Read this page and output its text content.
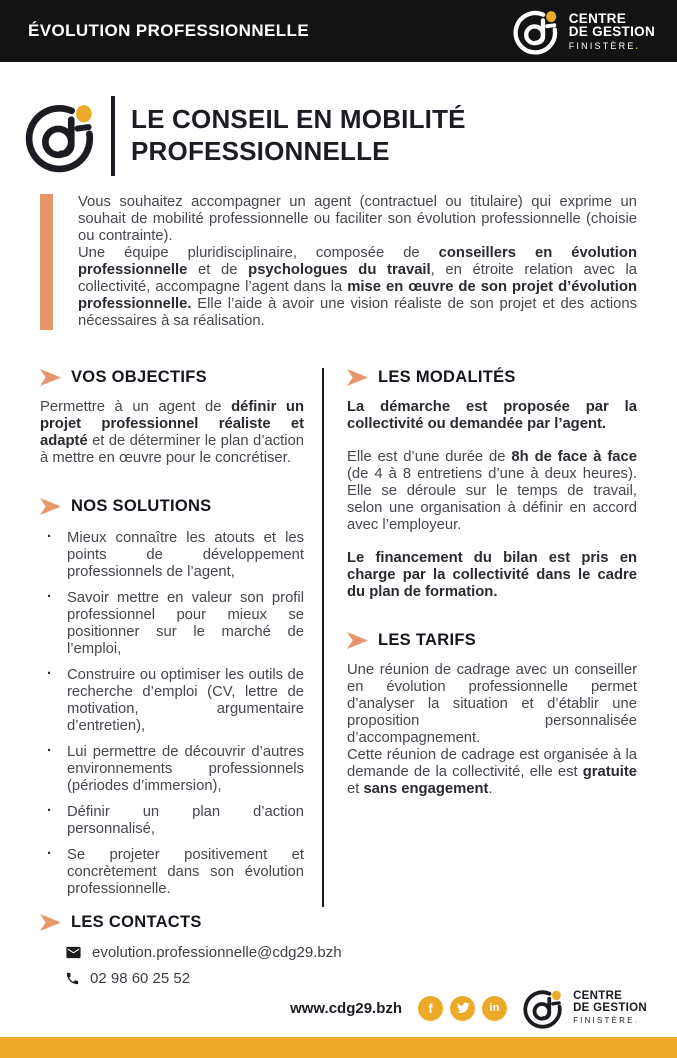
ÉVOLUTION PROFESSIONNELLE
CENTRE
DE GESTION
FINISTÈRE.
LE CONSEIL EN MOBILITÉ
PROFESSIONNELLE

Vous souhaitez accompagner un agent (contractuel ou titulaire) qui exprime un souhait de mobilité professionnelle ou faciliter son évolution professionnelle (choisie ou contrainte).

Une équipe pluridisciplinaire, composée de conseillers en évolution professionnelle et de psychologues du travail, en étroite relation avec la collectivité, accompagne l’agent dans la mise en œuvre de son projet d’évolution professionnelle. Elle l’aide à avoir une vision réaliste de son projet et des actions nécessaires à sa réalisation.

VOS OBJECTIFS

Permettre à un agent de définir un projet professionnel réaliste et adapté et de déterminer le plan d’action à mettre en œuvre pour le concrétiser.

NOS SOLUTIONS
· Mieux connaître les atouts et les points de développement professionnels de l’agent,
· Savoir mettre en valeur son profil professionnel pour mieux se positionner sur le marché de l’emploi,
· Construire ou optimiser les outils de recherche d’emploi (CV, lettre de motivation, argumentaire d’entretien),
· Lui permettre de découvrir d’autres environnements professionnels (périodes d’immersion),
· Définir un plan d’action personnalisé,
· Se projeter positivement et concrètement dans son évolution professionnelle.
LES MODALITÉS

La démarche est proposée par la collectivité ou demandée par l’agent.

Elle est d’une durée de 8h de face à face (de 4 à 8 entretiens d’une à deux heures). Elle se déroule sur le temps de travail, selon une organisation à définir en accord avec l’employeur.

Le financement du bilan est pris en charge par la collectivité dans le cadre du plan de formation.

LES TARIFS

Une réunion de cadrage avec un conseiller en évolution professionnelle permet d’analyser la situation et d’établir une proposition personnalisée d’accompagnement.

Cette réunion de cadrage est organisée à la demande de la collectivité, elle est gratuite et sans engagement.

LES CONTACTS
evolution.professionnelle@cdg29.bzh
02 98 60 25 52
www.cdg29.bzh	f	in
CENTRE
DE GESTION
FINISTÈRE.
